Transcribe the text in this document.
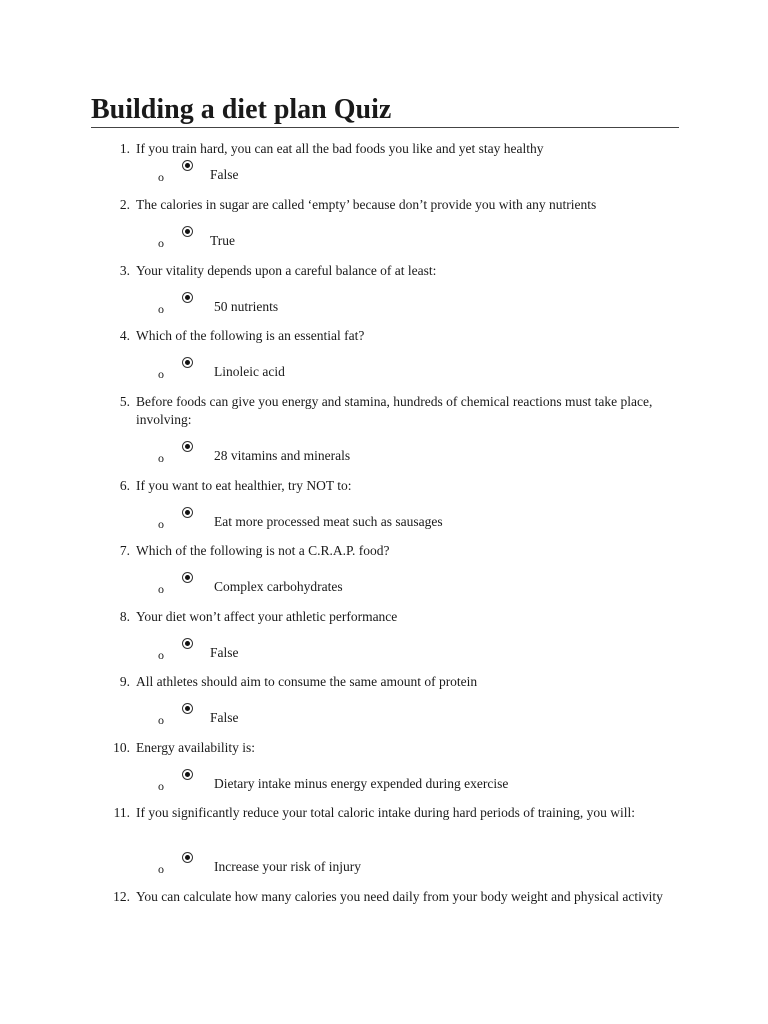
Building a diet plan Quiz
1. If you train hard, you can eat all the bad foods you like and yet stay healthy
o	False
2. The calories in sugar are called ‘empty’ because don’t provide you with any nutrients
o	True
3. Your vitality depends upon a careful balance of at least:
o	50 nutrients
4. Which of the following is an essential fat?
o	Linoleic acid
5. Before foods can give you energy and stamina, hundreds of chemical reactions must take place, involving:
o	28 vitamins and minerals
6. If you want to eat healthier, try NOT to:
o	Eat more processed meat such as sausages
7. Which of the following is not a C.R.A.P. food?
o	Complex carbohydrates
8. Your diet won’t affect your athletic performance
o	False
9. All athletes should aim to consume the same amount of protein
o	False
10. Energy availability is:
o	Dietary intake minus energy expended during exercise
11. If you significantly reduce your total caloric intake during hard periods of training, you will:
o	Increase your risk of injury
12. You can calculate how many calories you need daily from your body weight and physical activity
